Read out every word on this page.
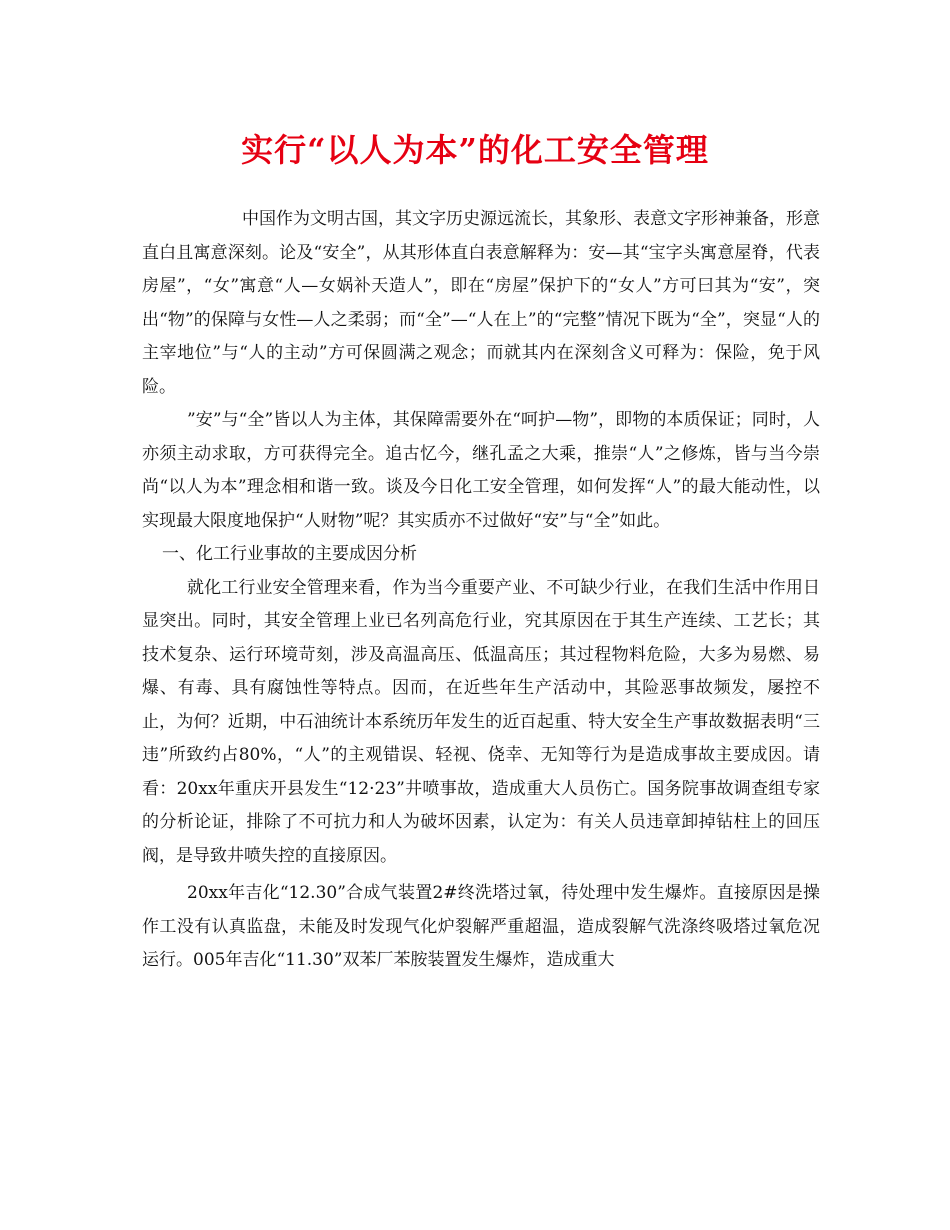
实行“以人为本”的化工安全管理

中国作为文明古国，其文字历史源远流长，其象形、表意文字形神兼备，形意直白且寓意深刻。论及“安全”，从其形体直白表意解释为：安—其“宝字头寓意屋脊，代表房屋”，“女”寓意“人—女娲补天造人”，即在“房屋”保护下的“女人”方可曰其为“安”，突出“物”的保障与女性—人之柔弱；而“全”—“人在上”的“完整”情况下既为“全”，突显“人的主宰地位”与“人的主动”方可保圆满之观念；而就其内在深刻含义可释为：保险，免于风险。

”安”与“全”皆以人为主体，其保障需要外在“呵护—物”，即物的本质保证；同时，人亦须主动求取，方可获得完全。追古忆今，继孔孟之大乘，推崇“人”之修炼，皆与当今崇尚“以人为本”理念相和谐一致。谈及今日化工安全管理，如何发挥“人”的最大能动性，以实现最大限度地保护“人财物”呢？其实质亦不过做好“安”与“全”如此。

一、化工行业事故的主要成因分析

就化工行业安全管理来看，作为当今重要产业、不可缺少行业，在我们生活中作用日显突出。同时，其安全管理上业已名列高危行业，究其原因在于其生产连续、工艺长；其技术复杂、运行环境苛刻，涉及高温高压、低温高压；其过程物料危险，大多为易燃、易爆、有毒、具有腐蚀性等特点。因而，在近些年生产活动中，其险恶事故频发，屡控不止，为何？近期，中石油统计本系统历年发生的近百起重、特大安全生产事故数据表明“三违”所致约占80%，“人”的主观错误、轻视、侥幸、无知等行为是造成事故主要成因。请看：20xx年重庆开县发生“12·23”井喷事故，造成重大人员伤亡。国务院事故调查组专家的分析论证，排除了不可抗力和人为破坏因素，认定为：有关人员违章卸掉钻柱上的回压阀，是导致井喷失控的直接原因。

20xx年吉化“12.30”合成气装置2#终洗塔过氧，待处理中发生爆炸。直接原因是操作工没有认真监盘，未能及时发现气化炉裂解严重超温，造成裂解气洗涤终吸塔过氧危况运行。005年吉化“11.30”双苯厂苯胺装置发生爆炸，造成重大
